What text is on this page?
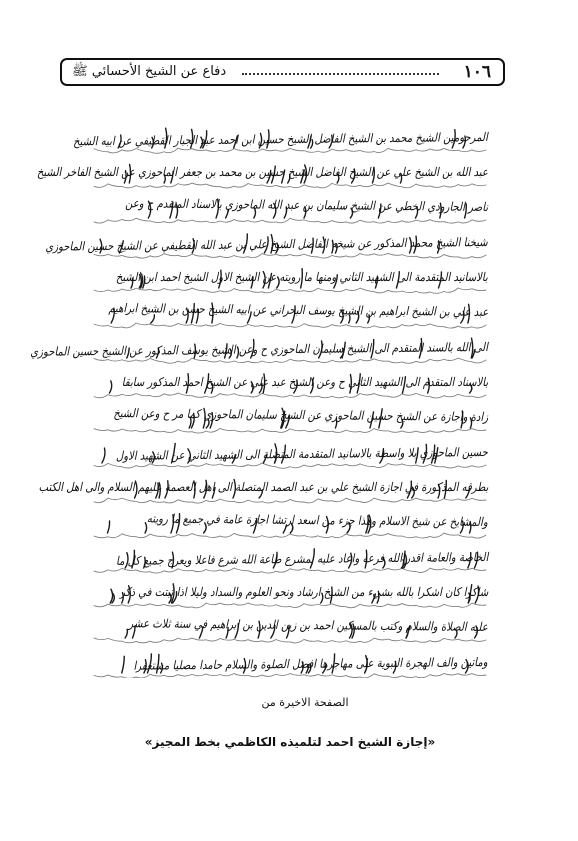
١٠٦
دفاع عن الشيخ الأحسائي ﷺ
المرحومين الشيخ محمد بن الشيخ الفاضل الشيخ حسين ابن احمد عبد الجبار القطيفي عن ابيه الشيخ
عبد الله بن الشيخ علي عن الشيخ الفاضل الشيخ حسين بن محمد بن جعفر الماحوزي عن الشيخ الفاخر الشيخ
ناصر الجارودي الخطي عن الشيخ سليمان بن عبد الله الماحوزي بالاسناد المتقدم ح وعن
شيخنا الشيخ محمد المذكور عن شيخه الفاضل الشيخ علي بن عبد الله القطيفي عن الشيخ حسين الماحوزي
بالاسانيد المتقدمة الى الشهيد الثاني ومنها ما رويته عن الشيخ الاول الشيخ احمد ابن الشيخ
عبد علي بن الشيخ ابراهيم بن الشيخ يوسف البحراني عن ابيه الشيخ حسن بن الشيخ ابراهيم
الى الله بالسند المتقدم الى الشيخ سليمان الماحوزي ح وعن الشيخ يوسف المذكور عن الشيخ حسين الماحوزي
بالاسناد المتقدم الى الشهيد الثاني ح وعن الشيخ عبد علي عن الشيخ احمد المذكور سابقا
زادة واجازة عن الشيخ حسين الماحوزي عن الشيخ سليمان الماحوزي كما مر ح وعن الشيخ
حسين الماحوزي بلا واسطة بالاسانيد المتقدمة المتصلة الى الشهيد الثاني عن الشهيد الاول
بطرقه المذكورة في اجازة الشيخ علي بن عبد الصمد المتصلة الى اهل العصمة عليهم السلام والى اهل الكتب
والمشايخ عن شيخ الاسلام وهذا جزء من اسعد ارتشا اجازة عامة في جميع ما رويته
الخاصة والعامة اقدر الله فرعه واعاد عليه بمشرع طاعة الله شرع فاعلا ويعرج جميع كل ما
شاكرا كان اشكرا بالله بشيء من الشيخ ارشاد ونحو العلوم والسداد وليلا اذا ثبتت في ذكر
عليه الصلاة والسلام وكتب بالمسكين احمد بن زين الدين بن ابراهيم في سنة ثلاث عشر
وماتين والف الهجرة النبوية على مهاجرها افضل الصلوة والسلام حامدا مصليا مستغفرا
الصفحة الاخيرة من
«إجازة الشيخ احمد لتلميذه الكاظمي بخط المجيز»
